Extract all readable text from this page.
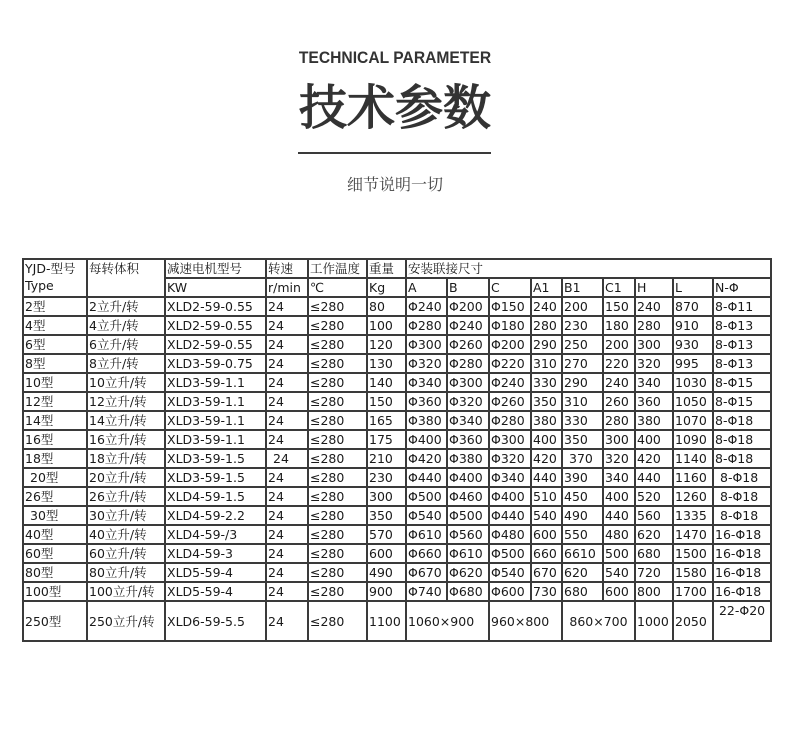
TECHNICAL PARAMETER
技术参数
细节说明一切
YJD-型号
Type	每转体积	减速电机型号	转速	工作温度	重量	安装联接尺寸								
		KW	r/min	℃	Kg	A	B	C	A1	B1	C1	H	L	N-Φ
2型	2立升/转	XLD2-59-0.55	24	≤280	80	Φ240	Φ200	Φ150	240	200	150	240	870	8-Φ11
4型	4立升/转	XLD2-59-0.55	24	≤280	100	Φ280	Φ240	Φ180	280	230	180	280	910	8-Φ13
6型	6立升/转	XLD2-59-0.55	24	≤280	120	Φ300	Φ260	Φ200	290	250	200	300	930	8-Φ13
8型	8立升/转	XLD3-59-0.75	24	≤280	130	Φ320	Φ280	Φ220	310	270	220	320	995	8-Φ13
10型	10立升/转	XLD3-59-1.1	24	≤280	140	Φ340	Φ300	Φ240	330	290	240	340	1030	8-Φ15
12型	12立升/转	XLD3-59-1.1	24	≤280	150	Φ360	Φ320	Φ260	350	310	260	360	1050	8-Φ15
14型	14立升/转	XLD3-59-1.1	24	≤280	165	Φ380	Φ340	Φ280	380	330	280	380	1070	8-Φ18
16型	16立升/转	XLD3-59-1.1	24	≤280	175	Φ400	Φ360	Φ300	400	350	300	400	1090	8-Φ18
18型	18立升/转	XLD3-59-1.5	24	≤280	210	Φ420	Φ380	Φ320	420	370	320	420	1140	8-Φ18
20型	20立升/转	XLD3-59-1.5	24	≤280	230	Φ440	Φ400	Φ340	440	390	340	440	1160	8-Φ18
26型	26立升/转	XLD4-59-1.5	24	≤280	300	Φ500	Φ460	Φ400	510	450	400	520	1260	8-Φ18
30型	30立升/转	XLD4-59-2.2	24	≤280	350	Φ540	Φ500	Φ440	540	490	440	560	1335	8-Φ18
40型	40立升/转	XLD4-59-/3	24	≤280	570	Φ610	Φ560	Φ480	600	550	480	620	1470	16-Φ18
60型	60立升/转	XLD4-59-3	24	≤280	600	Φ660	Φ610	Φ500	660	6610	500	680	1500	16-Φ18
80型	80立升/转	XLD5-59-4	24	≤280	490	Φ670	Φ620	Φ540	670	620	540	720	1580	16-Φ18
100型	100立升/转	XLD5-59-4	24	≤280	900	Φ740	Φ680	Φ600	730	680	600	800	1700	16-Φ18
250型	250立升/转	XLD6-59-5.5	24	≤280	1100	1060×900		960×800		860×700		1000	2050	22-Φ20
